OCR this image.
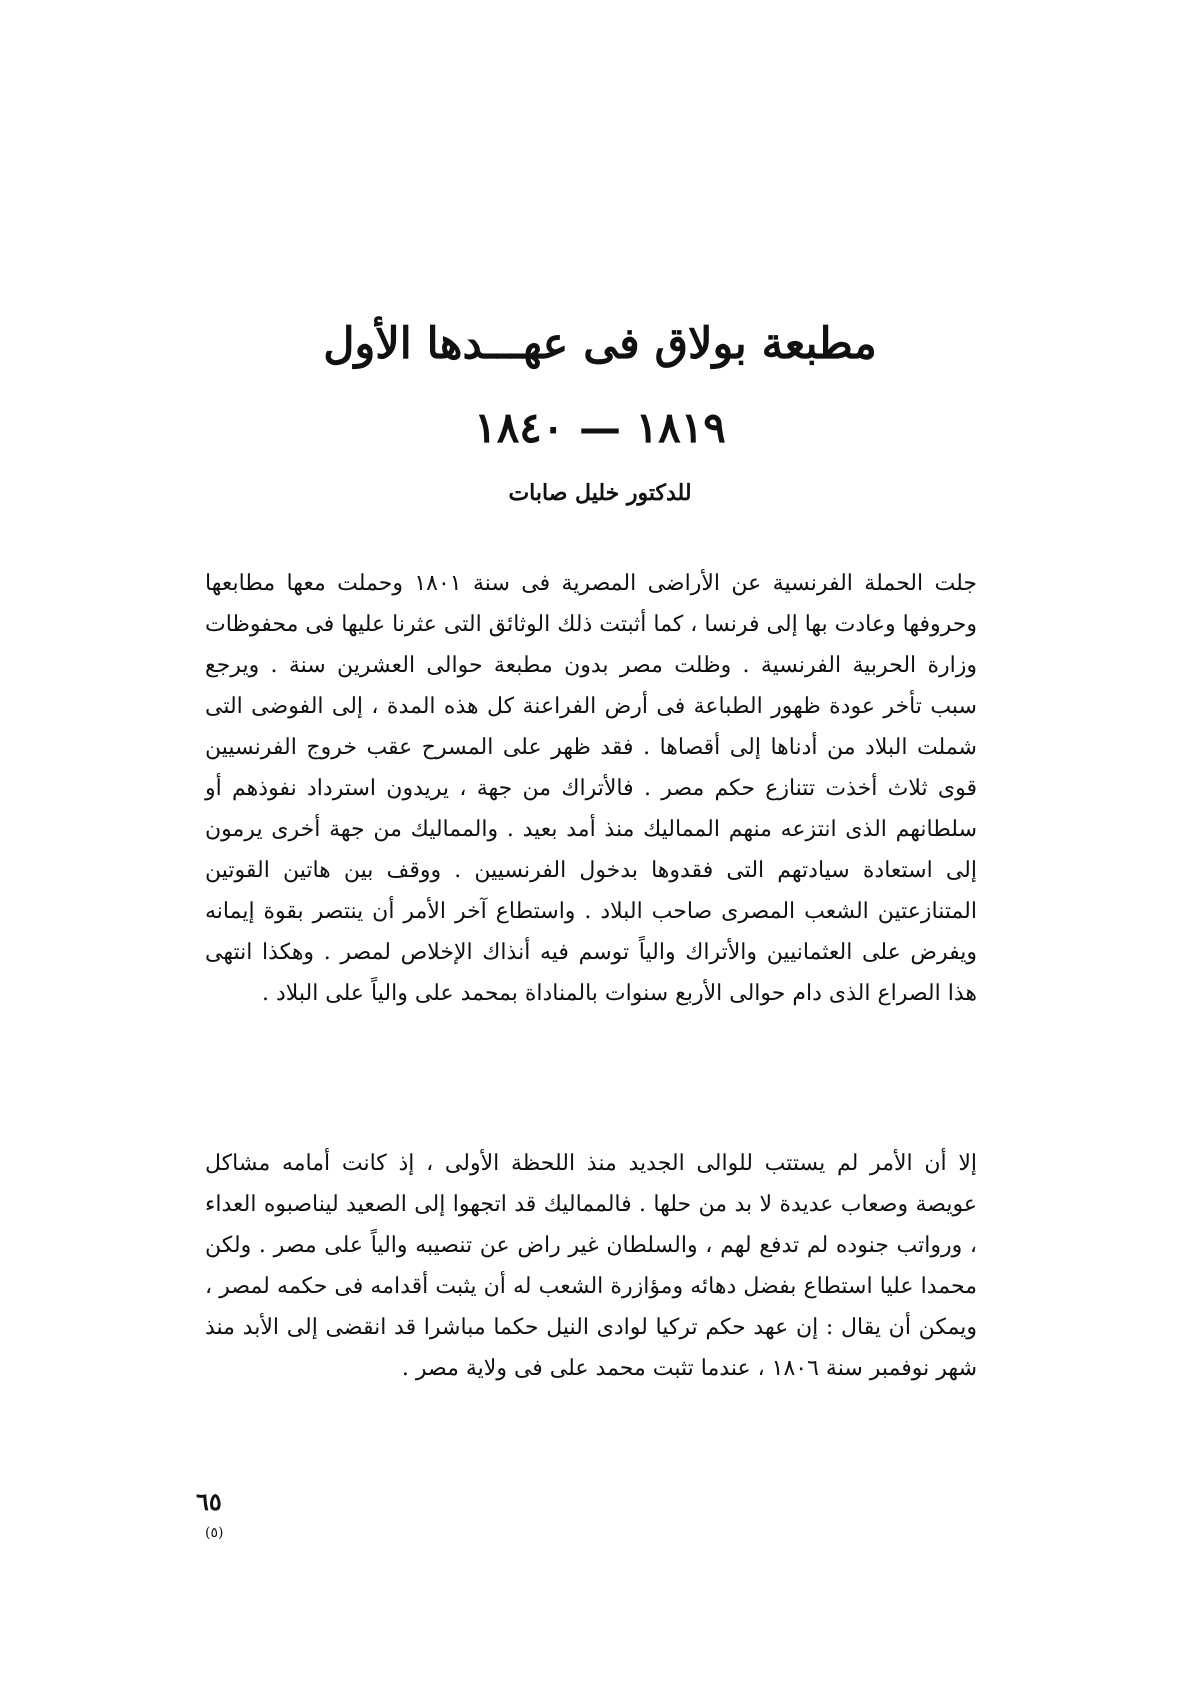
مطبعة بولاق فى عهـــدها الأول
١٨١٩ — ١٨٤٠
للدكتور خليل صابات

جلت الحملة الفرنسية عن الأراضى المصرية فى سنة ١٨٠١ وحملت معها مطابعها وحروفها وعادت بها إلى فرنسا ، كما أثبتت ذلك الوثائق التى عثرنا عليها فى محفوظات وزارة الحربية الفرنسية . وظلت مصر بدون مطبعة حوالى العشرين سنة . ويرجع سبب تأخر عودة ظهور الطباعة فى أرض الفراعنة كل هذه المدة ، إلى الفوضى التى شملت البلاد من أدناها إلى أقصاها . فقد ظهر على المسرح عقب خروج الفرنسيين قوى ثلاث أخذت تتنازع حكم مصر . فالأتراك من جهة ، يريدون استرداد نفوذهم أو سلطانهم الذى انتزعه منهم المماليك منذ أمد بعيد . والمماليك من جهة أخرى يرمون إلى استعادة سيادتهم التى فقدوها بدخول الفرنسيين . ووقف بين هاتين القوتين المتنازعتين الشعب المصرى صاحب البلاد . واستطاع آخر الأمر أن ينتصر بقوة إيمانه ويفرض على العثمانيين والأتراك والياً توسم فيه أنذاك الإخلاص لمصر . وهكذا انتهى هذا الصراع الذى دام حوالى الأربع سنوات بالمناداة بمحمد على والياً على البلاد .

إلا أن الأمر لم يستتب للوالى الجديد منذ اللحظة الأولى ، إذ كانت أمامه مشاكل عويصة وصعاب عديدة لا بد من حلها . فالمماليك قد اتجهوا إلى الصعيد ليناصبوه العداء ، ورواتب جنوده لم تدفع لهم ، والسلطان غير راض عن تنصيبه والياً على مصر . ولكن محمدا عليا استطاع بفضل دهائه ومؤازرة الشعب له أن يثبت أقدامه فى حكمه لمصر ، ويمكن أن يقال : إن عهد حكم تركيا لوادى النيل حكما مباشرا قد انقضى إلى الأبد منذ شهر نوفمبر سنة ١٨٠٦ ، عندما تثبت محمد على فى ولاية مصر .

٦٥
(٥)
